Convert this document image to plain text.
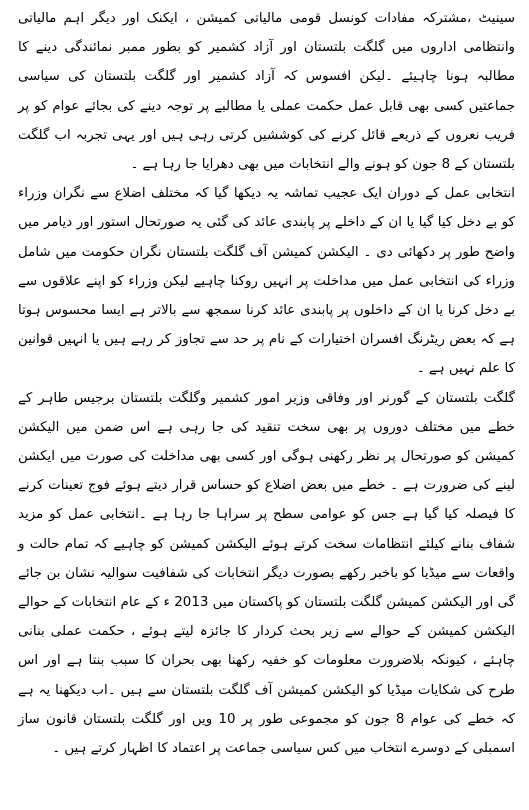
سینیٹ ،مشترکہ مفادات کونسل قومی مالیاتی کمیشن ، ایکنک اور دیگر اہم مالیاتی وانتظامی اداروں میں گلگت بلتستان اور آزاد کشمیر کو بطور ممبر نمائندگی دینے کا مطالبہ ہونا چاہیئے ۔لیکن افسوس کہ آزاد کشمیر اور گلگت بلتستان کی سیاسی جماعتیں کسی بھی قابل عمل حکمت عملی یا مطالبے پر توجہ دینے کی بجائے عوام کو پر فریب نعروں کے ذریعے قائل کرنے کی کوششیں کرتی رہی ہیں اور یہی تجربہ اب گلگت بلتستان کے 8 جون کو ہونے والے انتخابات میں بھی دھرایا جا رہا ہے ۔

انتخابی عمل کے دوران ایک عجیب تماشہ یہ دیکھا گیا کہ مختلف اضلاع سے نگران وزراء کو بے دخل کیا گیا یا ان کے داخلے پر پابندی عائد کی گئی یہ صورتحال استور اور دیامر میں واضح طور پر دکھائی دی ۔ الیکشن کمیشن آف گلگت بلتستان نگران حکومت میں شامل وزراء کی انتخابی عمل میں مداخلت پر انہیں روکنا چاہیے لیکن وزراء کو اپنے علاقوں سے بے دخل کرنا یا ان کے داخلوں پر پابندی عائد کرنا سمجھ سے بالاتر ہے ایسا محسوس ہوتا ہے کہ بعض ریٹرنگ افسران اختیارات کے نام پر حد سے تجاوز کر رہے ہیں یا انہیں قوانین کا علم نہیں ہے ۔

گلگت بلتستان کے گورنر اور وفاقی وزیر امور کشمیر وگلگت بلتستان برجیس طاہر کے خطے میں مختلف دوروں پر بھی سخت تنقید کی جا رہی ہے اس ضمن میں الیکشن کمیشن کو صورتحال پر نظر رکھنی ہوگی اور کسی بھی مداخلت کی صورت میں ایکشن لینے کی ضرورت ہے ۔ خطے میں بعض اضلاع کو حساس قرار دیتے ہوئے فوج تعینات کرنے کا فیصلہ کیا گیا ہے جس کو عوامی سطح پر سراہا جا رہا ہے ۔انتخابی عمل کو مزید شفاف بنانے کیلئے انتظامات سخت کرتے ہوئے الیکشن کمیشن کو چاہیے کہ تمام حالت و واقعات سے میڈیا کو باخبر رکھے بصورت دیگر انتخابات کی شفافیت سوالیہ نشان بن جائے گی اور الیکشن کمیشن گلگت بلتستان کو پاکستان میں 2013 ء کے عام انتخابات کے حوالے الیکشن کمیشن کے حوالے سے زیر بحث کردار کا جائزہ لیتے ہوئے ، حکمت عملی بنانی چاہئے ، کیونکہ بلاضرورت معلومات کو خفیہ رکھنا بھی بحران کا سبب بنتا ہے اور اس طرح کی شکایات میڈیا کو الیکشن کمیشن آف گلگت بلتستان سے ہیں ۔اب دیکھنا یہ ہے کہ خطے کی عوام 8 جون کو مجموعی طور پر 10 ویں اور گلگت بلتستان قانون ساز اسمبلی کے دوسرے انتخاب میں کس سیاسی جماعت پر اعتماد کا اظہار کرتے ہیں ۔
